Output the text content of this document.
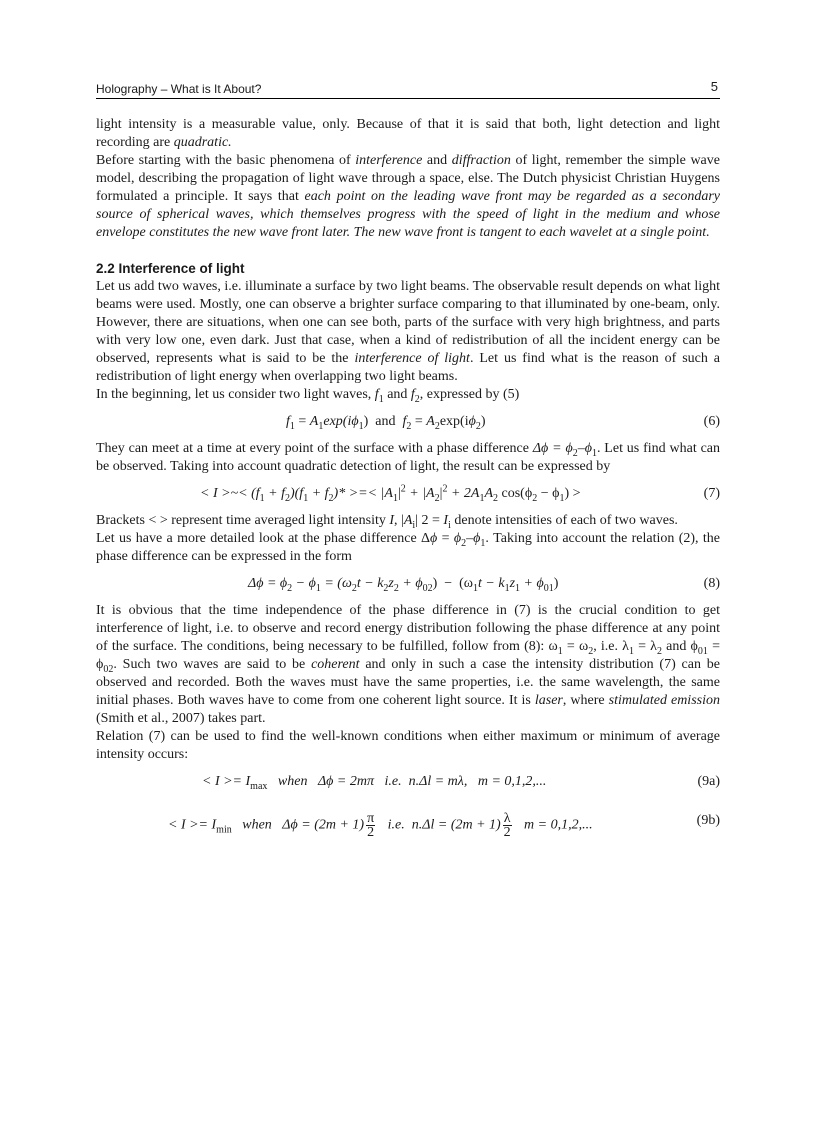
Holography – What is It About?	5

light intensity is a measurable value, only. Because of that it is said that both, light detection and light recording are quadratic.

Before starting with the basic phenomena of interference and diffraction of light, remember the simple wave model, describing the propagation of light wave through a space, else. The Dutch physicist Christian Huygens formulated a principle. It says that each point on the leading wave front may be regarded as a secondary source of spherical waves, which themselves progress with the speed of light in the medium and whose envelope constitutes the new wave front later. The new wave front is tangent to each wavelet at a single point.

2.2 Interference of light

Let us add two waves, i.e. illuminate a surface by two light beams. The observable result depends on what light beams were used. Mostly, one can observe a brighter surface comparing to that illuminated by one-beam, only. However, there are situations, when one can see both, parts of the surface with very high brightness, and parts with very low one, even dark. Just that case, when a kind of redistribution of all the incident energy can be observed, represents what is said to be the interference of light. Let us find what is the reason of such a redistribution of light energy when overlapping two light beams.

In the beginning, let us consider two light waves, $f_1$ and $f_2$, expressed by (5)

$f_1 = A_1\exp(i\phi_1)$  and  $f_2 = A_2\exp(i\phi_2)$	(6)

They can meet at a time at every point of the surface with a phase difference $\Delta\phi = \phi_2-\phi_1$. Let us find what can be observed. Taking into account quadratic detection of light, the result can be expressed by

< I >~< $(f_1 + f_2)(f_1 + f_2)*$ >=< $|A_1|^2 + |A_2|^2 + 2A_1A_2$ $\cos(\phi_2 - \phi_1)$ >	(7)

Brackets < > represent time averaged light intensity I, $|A_i|$ $2 = I_i$ denote intensities of each of two waves.

Let us have a more detailed look at the phase difference $\Delta\phi = \phi_2-\phi_1$. Taking into account the relation (2), the phase difference can be expressed in the form

$\Delta\phi = \phi_2 - \phi_1 = (\omega_2t - k_2z_2 + \phi_{02}) - (\omega_1t - k_1z_1 + \phi_{01})$	(8)

It is obvious that the time independence of the phase difference in (7) is the crucial condition to get interference of light, i.e. to observe and record energy distribution following the phase difference at any point of the surface. The conditions, being necessary to be fulfilled, follow from (8): $\omega_1 = \omega_2$, i.e. $\lambda_1 = \lambda_2$ and $\phi_{01} = \phi_{02}$. Such two waves are said to be coherent and only in such a case the intensity distribution (7) can be observed and recorded. Both the waves must have the same properties, i.e. the same wavelength, the same initial phases. Both waves have to come from one coherent light source. It is laser, where stimulated emission (Smith et al., 2007) takes part.

Relation (7) can be used to find the well-known conditions when either maximum or minimum of average intensity occurs:

< $I >= I_{max}$   when   Δϕ = 2mπ   i.e.  n.Δl = mλ,   m = 0,1,2,...	(9a)
< $I >= I_{min}$   when   $\Delta\phi = (2m + 1) \frac{\pi}{2} i.e$.  $n.\Delta l = (2m + 1) \frac{\lambda}{2}$ m = 0,1,2,...	(9b)
